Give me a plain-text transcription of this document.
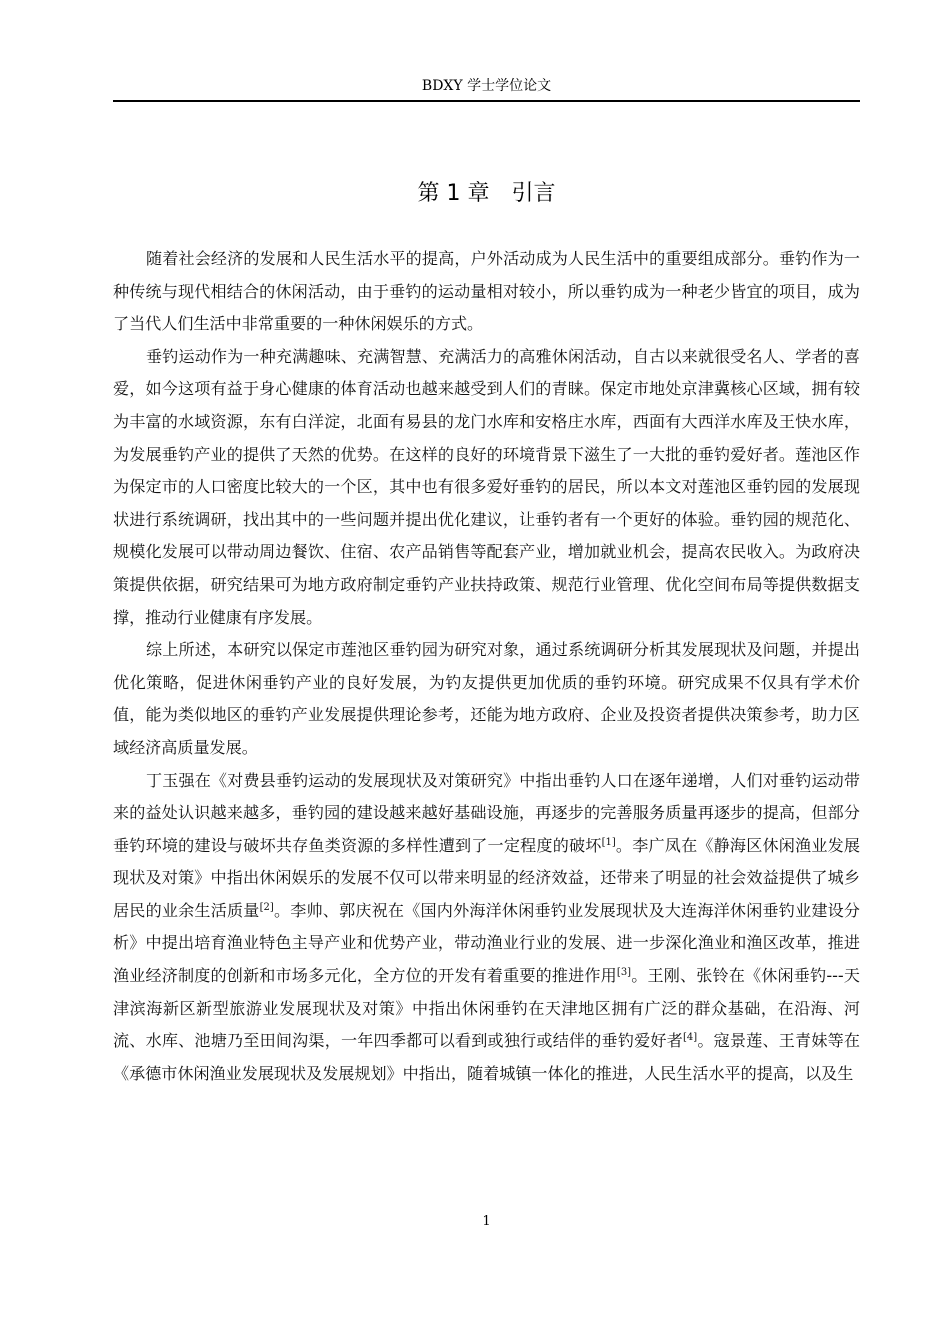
BDXY 学士学位论文
第 1 章　引言

随着社会经济的发展和人民生活水平的提高，户外活动成为人民生活中的重要组成部分。垂钓作为一种传统与现代相结合的休闲活动，由于垂钓的运动量相对较小，所以垂钓成为一种老少皆宜的项目，成为了当代人们生活中非常重要的一种休闲娱乐的方式。

垂钓运动作为一种充满趣味、充满智慧、充满活力的高雅休闲活动，自古以来就很受名人、学者的喜爱，如今这项有益于身心健康的体育活动也越来越受到人们的青睐。保定市地处京津冀核心区域，拥有较为丰富的水域资源，东有白洋淀，北面有易县的龙门水库和安格庄水库，西面有大西洋水库及王快水库，为发展垂钓产业的提供了天然的优势。在这样的良好的环境背景下滋生了一大批的垂钓爱好者。莲池区作为保定市的人口密度比较大的一个区，其中也有很多爱好垂钓的居民，所以本文对莲池区垂钓园的发展现状进行系统调研，找出其中的一些问题并提出优化建议，让垂钓者有一个更好的体验。垂钓园的规范化、规模化发展可以带动周边餐饮、住宿、农产品销售等配套产业，增加就业机会，提高农民收入。为政府决策提供依据，研究结果可为地方政府制定垂钓产业扶持政策、规范行业管理、优化空间布局等提供数据支撑，推动行业健康有序发展。

综上所述，本研究以保定市莲池区垂钓园为研究对象，通过系统调研分析其发展现状及问题，并提出优化策略，促进休闲垂钓产业的良好发展，为钓友提供更加优质的垂钓环境。研究成果不仅具有学术价值，能为类似地区的垂钓产业发展提供理论参考，还能为地方政府、企业及投资者提供决策参考，助力区域经济高质量发展。

丁玉强在《对费县垂钓运动的发展现状及对策研究》中指出垂钓人口在逐年递增，人们对垂钓运动带来的益处认识越来越多，垂钓园的建设越来越好基础设施，再逐步的完善服务质量再逐步的提高，但部分垂钓环境的建设与破坏共存鱼类资源的多样性遭到了一定程度的破坏[1]。李广凤在《静海区休闲渔业发展现状及对策》中指出休闲娱乐的发展不仅可以带来明显的经济效益，还带来了明显的社会效益提供了城乡居民的业余生活质量[2]。李帅、郭庆祝在《国内外海洋休闲垂钓业发展现状及大连海洋休闲垂钓业建设分析》中提出培育渔业特色主导产业和优势产业，带动渔业行业的发展、进一步深化渔业和渔区改革，推进渔业经济制度的创新和市场多元化，全方位的开发有着重要的推进作用[3]。王刚、张铃在《休闲垂钓---天津滨海新区新型旅游业发展现状及对策》中指出休闲垂钓在天津地区拥有广泛的群众基础，在沿海、河流、水库、池塘乃至田间沟渠，一年四季都可以看到或独行或结伴的垂钓爱好者[4]。寇景莲、王青妹等在《承德市休闲渔业发展现状及发展规划》中指出，随着城镇一体化的推进，人民生活水平的提高，以及生

1
